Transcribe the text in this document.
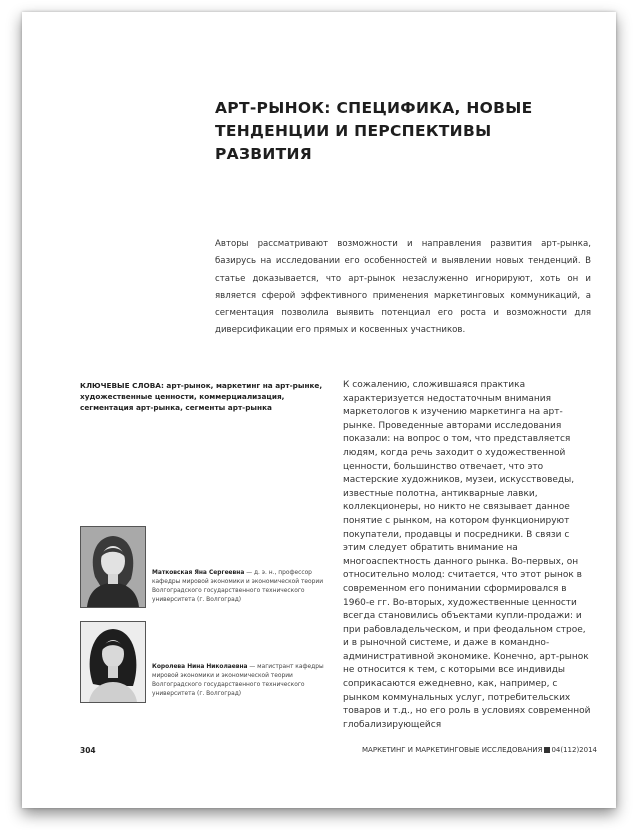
АРТ-РЫНОК: СПЕЦИФИКА, НОВЫЕ
ТЕНДЕНЦИИ И ПЕРСПЕКТИВЫ РАЗВИТИЯ

Авторы рассматривают возможности и направления развития арт-рынка, базирусь на исследовании его особенностей и выявлении новых тенденций. В статье доказывается, что арт-рынок незаслуженно игнорируют, хоть он и является сферой эффективного применения маркетинговых коммуникаций, а сегментация позволила выявить потенциал его роста и возможности для диверсификации его прямых и косвенных участников.

КЛЮЧЕВЫЕ СЛОВА: арт-рынок, маркетинг на арт-рынке, художественные ценности, коммерциализация, сегментация арт-рынка, сегменты арт-рынка

Матковская Яна Сергеевна — д. э. н., профессор кафедры мировой экономики и экономической теории Волгоградского государственного технического университета (г. Волгоград)

Королева Нина Николаевна — магистрант кафедры мировой экономики и экономической теории Волгоградского государственного технического университета (г. Волгоград)

К сожалению, сложившаяся практика характеризуется недостаточным внимания маркетологов к изучению маркетинга на арт-рынке. Проведенные авторами исследования показали: на вопрос о том, что представляется людям, когда речь заходит о художественной ценности, большинство отвечает, что это мастерские художников, музеи, искусствоведы, известные полотна, антикварные лавки, коллекционеры, но никто не связывает данное понятие с рынком, на котором функционируют покупатели, продавцы и посредники. В связи с этим следует обратить внимание на многоаспектность данного рынка. Во-первых, он относительно молод: считается, что этот рынок в современном его понимании сформировался в 1960-е гг. Во-вторых, художественные ценности всегда становились объектами купли-продажи: и при рабовладельческом, и при феодальном строе, и в рыночной системе, и даже в командно-административной экономике. Конечно, арт-рынок не относится к тем, с которыми все индивиды соприкасаются ежедневно, как, например, с рынком коммунальных услуг, потребительских товаров и т.д., но его роль в условиях современной глобализирующейся

304	МАРКЕТИНГ И МАРКЕТИНГОВЫЕ ИССЛЕДОВАНИЯ 04(112)2014
